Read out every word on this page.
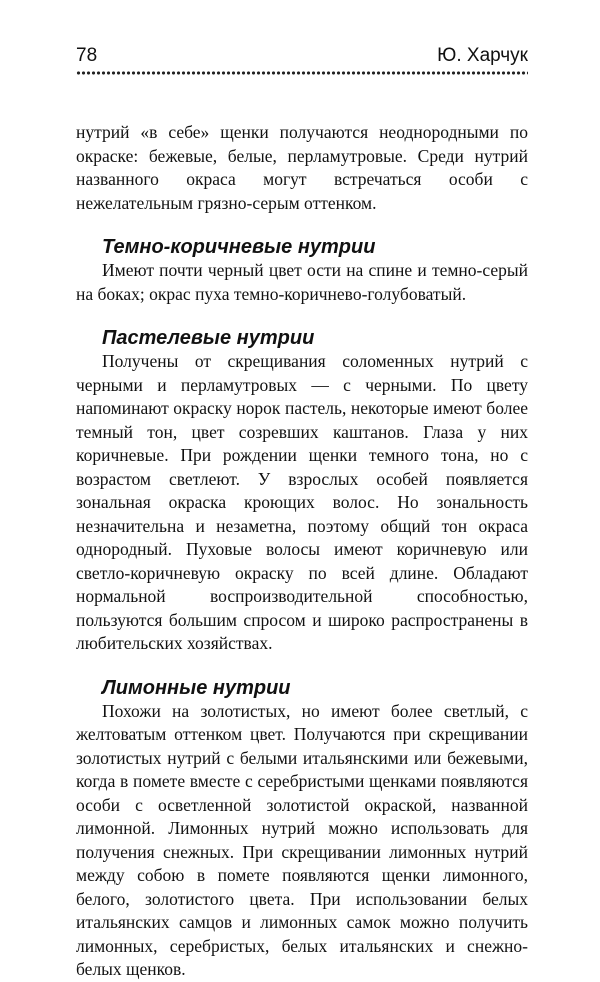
78	Ю. Харчук

нутрий «в себе» щенки получаются неоднородными по окраске: бежевые, белые, перламутровые. Среди нутрий названного окраса могут встречаться особи с нежелательным грязно-серым оттенком.

Темно-коричневые нутрии

Имеют почти черный цвет ости на спине и темно-серый на боках; окрас пуха темно-коричнево-голубоватый.

Пастелевые нутрии

Получены от скрещивания соломенных нутрий с черными и перламутровых — с черными. По цвету напоминают окраску норок пастель, некоторые имеют более темный тон, цвет созревших каштанов. Глаза у них коричневые. При рождении щенки темного тона, но с возрастом светлеют. У взрослых особей появляется зональная окраска кроющих волос. Но зональность незначительна и незаметна, поэтому общий тон окраса однородный. Пуховые волосы имеют коричневую или светло-коричневую окраску по всей длине. Обладают нормальной воспроизводительной способностью, пользуются большим спросом и широко распространены в любительских хозяйствах.

Лимонные нутрии

Похожи на золотистых, но имеют более светлый, с желтоватым оттенком цвет. Получаются при скрещивании золотистых нутрий с белыми итальянскими или бежевыми, когда в помете вместе с серебристыми щенками появляются особи с осветленной золотистой окраской, названной лимонной. Лимонных нутрий можно использовать для получения снежных. При скрещивании лимонных нутрий между собою в помете появляются щенки лимонного, белого, золотистого цвета. При использовании белых итальянских самцов и лимонных самок можно получить лимонных, серебристых, белых итальянских и снежно-белых щенков.
